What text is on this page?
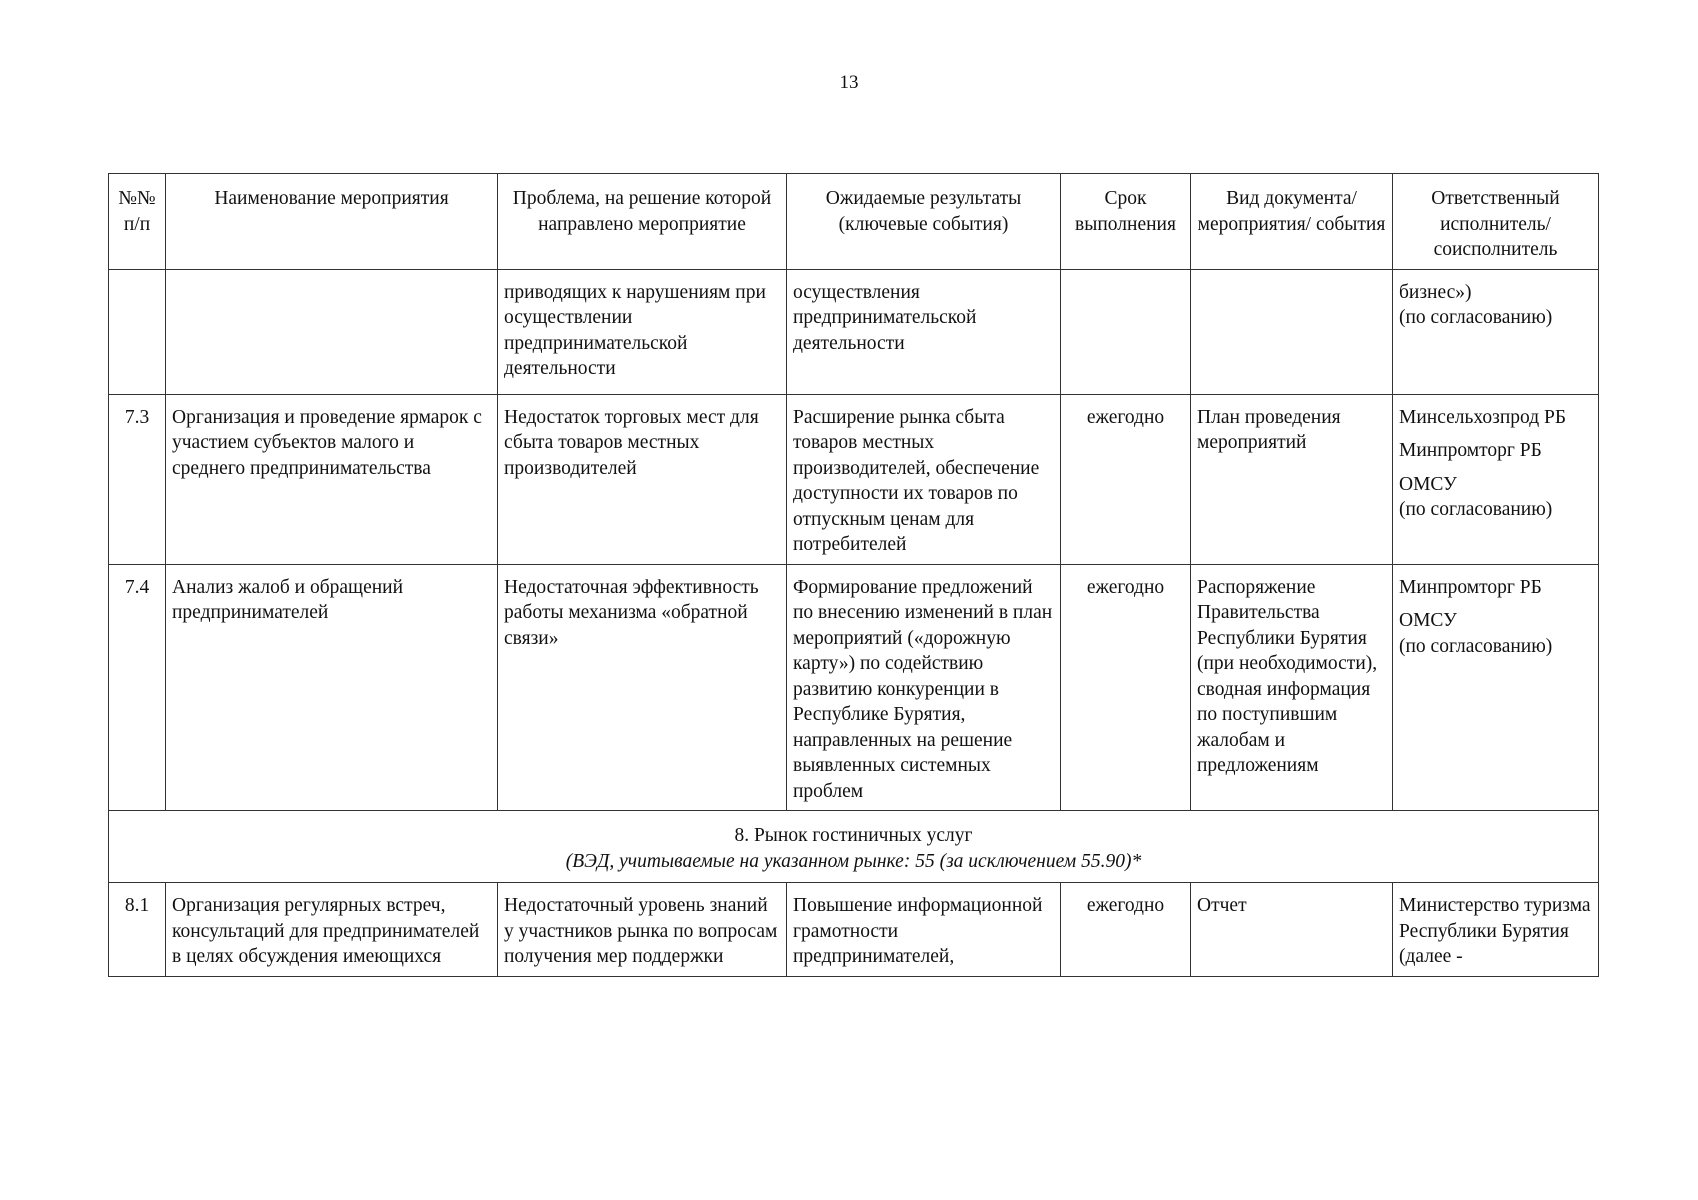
13
№№ п/п	Наименование мероприятия	Проблема, на решение которой направлено мероприятие	Ожидаемые результаты (ключевые события)	Срок выполнения	Вид документа/ мероприятия/ события	Ответственный исполнитель/ соисполнитель
		приводящих к нарушениям при осуществлении предпринимательской деятельности	осуществления предпринимательской деятельности			бизнес»)
(по согласованию)

7.3	Организация и проведение ярмарок с участием субъектов малого и среднего предпринимательства	Недостаток торговых мест для сбыта товаров местных производителей	Расширение рынка сбыта товаров местных производителей, обеспечение доступности их товаров по отпускным ценам для потребителей	ежегодно	План проведения мероприятий	Минсельхозпрод РБ
Минпромторг РБ
ОМСУ
(по согласованию)

7.4	Анализ жалоб и обращений предпринимателей	Недостаточная эффективность работы механизма «обратной связи»	Формирование предложений по внесению изменений в план мероприятий («дорожную карту») по содействию развитию конкуренции в Республике Бурятия, направленных на решение выявленных системных проблем	ежегодно	Распоряжение Правительства Республики Бурятия (при необходимости), сводная информация по поступившим жалобам и предложениям	Минпромторг РБ
ОМСУ
(по согласованию)

8. Рынок гостиничных услуг
(ВЭД, учитываемые на указанном рынке: 55 (за исключением 55.90)*						

8.1	Организация регулярных встреч, консультаций для предпринимателей в целях обсуждения имеющихся	Недостаточный уровень знаний у участников рынка по вопросам получения мер поддержки	Повышение информационной грамотности предпринимателей,	ежегодно	Отчет	Министерство туризма Республики Бурятия (далее -
